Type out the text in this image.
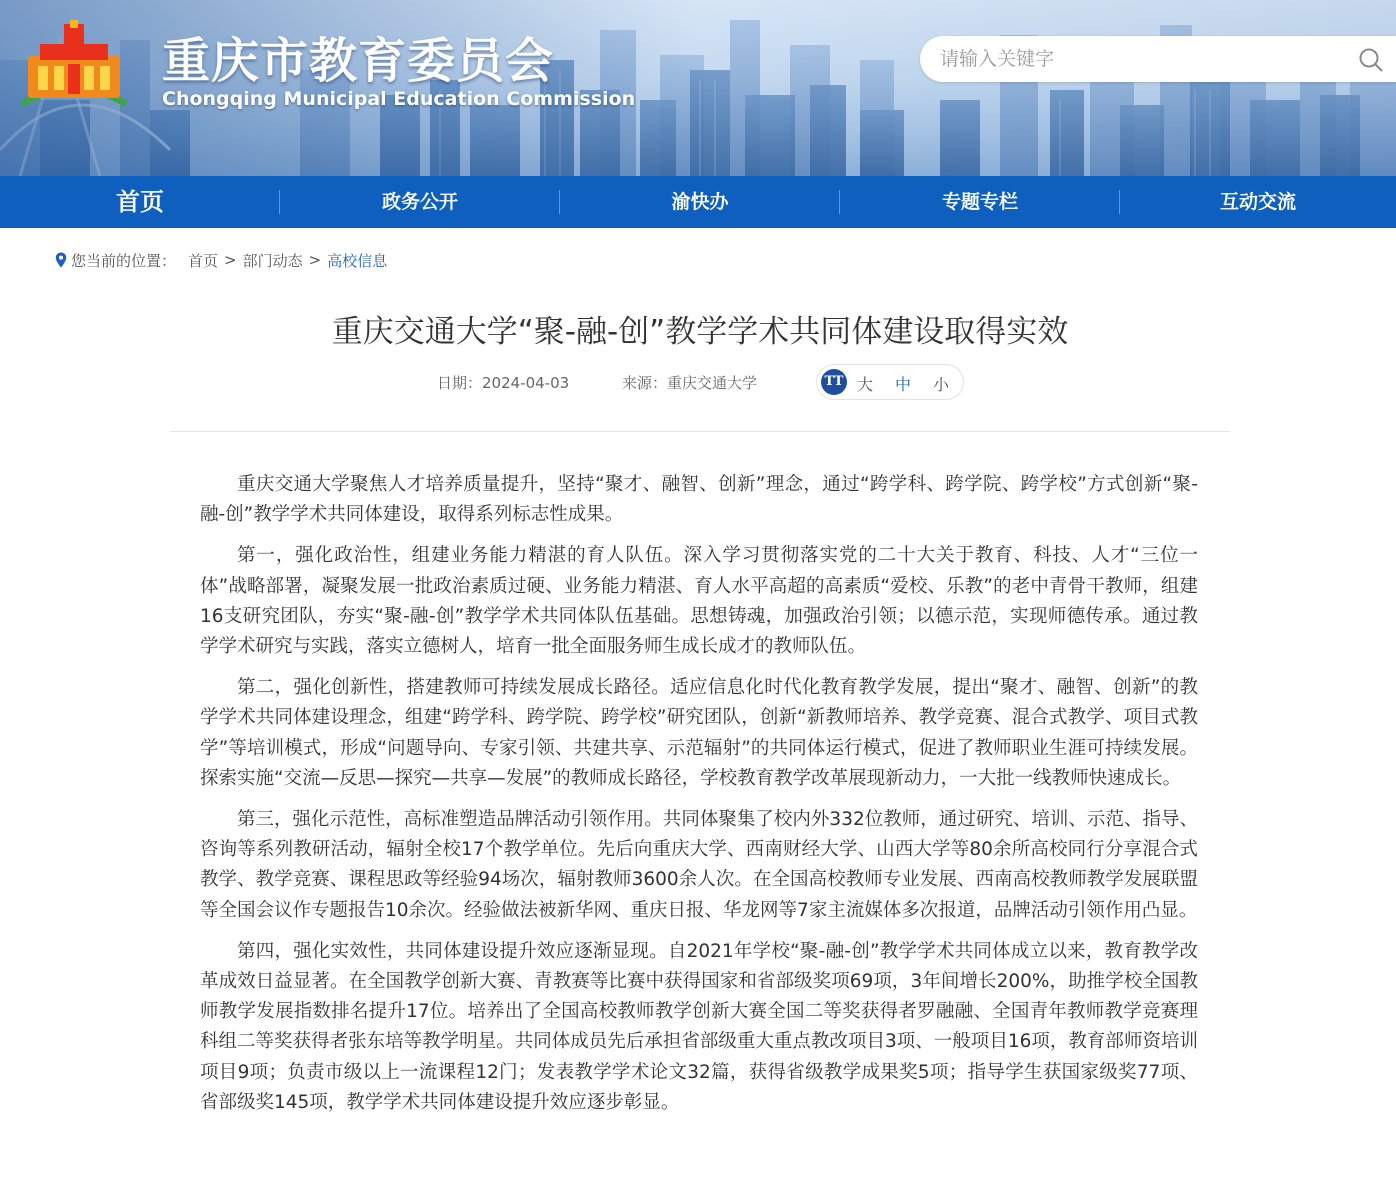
重庆市教育委员会
Chongqing Municipal Education Commission
请输入关键字
首页	政务公开	渝快办	专题专栏	互动交流
您当前的位置： 首页 > 部门动态 > 高校信息
重庆交通大学“聚-融-创”教学学术共同体建设取得实效
日期：2024-04-03	来源：重庆交通大学	TT 大 中 小

重庆交通大学聚焦人才培养质量提升，坚持“聚才、融智、创新”理念，通过“跨学科、跨学院、跨学校”方式创新“聚-融-创”教学学术共同体建设，取得系列标志性成果。

第一，强化政治性，组建业务能力精湛的育人队伍。深入学习贯彻落实党的二十大关于教育、科技、人才“三位一体”战略部署，凝聚发展一批政治素质过硬、业务能力精湛、育人水平高超的高素质“爱校、乐教”的老中青骨干教师，组建16支研究团队，夯实“聚-融-创”教学学术共同体队伍基础。思想铸魂，加强政治引领；以德示范，实现师德传承。通过教学学术研究与实践，落实立德树人，培育一批全面服务师生成长成才的教师队伍。

第二，强化创新性，搭建教师可持续发展成长路径。适应信息化时代化教育教学发展，提出“聚才、融智、创新”的教学学术共同体建设理念，组建“跨学科、跨学院、跨学校”研究团队，创新“新教师培养、教学竞赛、混合式教学、项目式教学”等培训模式，形成“问题导向、专家引领、共建共享、示范辐射”的共同体运行模式，促进了教师职业生涯可持续发展。探索实施“交流—反思—探究—共享—发展”的教师成长路径，学校教育教学改革展现新动力，一大批一线教师快速成长。

第三，强化示范性，高标准塑造品牌活动引领作用。共同体聚集了校内外332位教师，通过研究、培训、示范、指导、咨询等系列教研活动，辐射全校17个教学单位。先后向重庆大学、西南财经大学、山西大学等80余所高校同行分享混合式教学、教学竞赛、课程思政等经验94场次，辐射教师3600余人次。在全国高校教师专业发展、西南高校教师教学发展联盟等全国会议作专题报告10余次。经验做法被新华网、重庆日报、华龙网等7家主流媒体多次报道，品牌活动引领作用凸显。

第四，强化实效性，共同体建设提升效应逐渐显现。自2021年学校“聚-融-创”教学学术共同体成立以来，教育教学改革成效日益显著。在全国教学创新大赛、青教赛等比赛中获得国家和省部级奖项69项，3年间增长200%，助推学校全国教师教学发展指数排名提升17位。培养出了全国高校教师教学创新大赛全国二等奖获得者罗融融、全国青年教师教学竞赛理科组二等奖获得者张东培等教学明星。共同体成员先后承担省部级重大重点教改项目3项、一般项目16项，教育部师资培训项目9项；负责市级以上一流课程12门；发表教学学术论文32篇，获得省级教学成果奖5项；指导学生获国家级奖77项、省部级奖145项，教学学术共同体建设提升效应逐步彰显。
